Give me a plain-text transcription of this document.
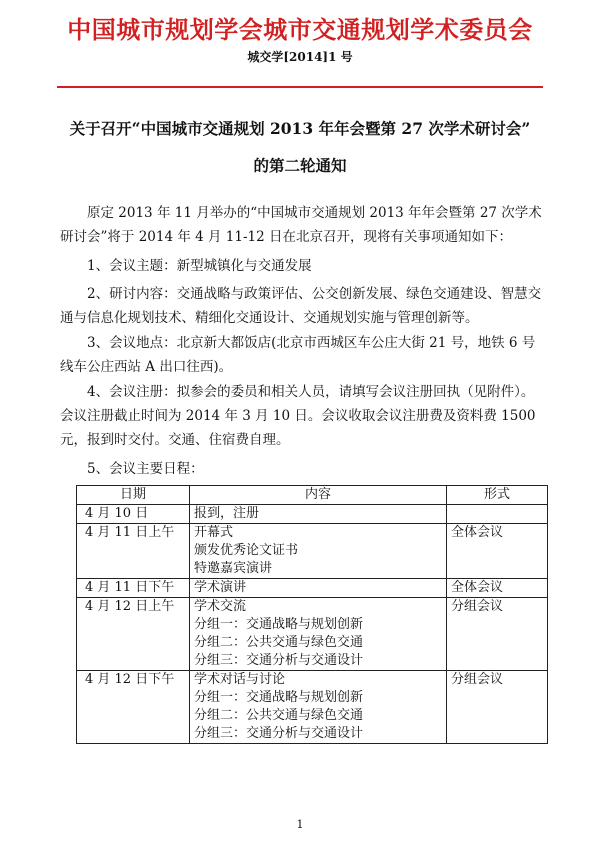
中国城市规划学会城市交通规划学术委员会
城交学[2014]1 号
关于召开“中国城市交通规划 2013 年年会暨第 27 次学术研讨会”
的第二轮通知

原定 2013 年 11 月举办的“中国城市交通规划 2013 年年会暨第 27 次学术研讨会”将于 2014 年 4 月 11-12 日在北京召开，现将有关事项通知如下：

1、会议主题：新型城镇化与交通发展

2、研讨内容：交通战略与政策评估、公交创新发展、绿色交通建设、智慧交通与信息化规划技术、精细化交通设计、交通规划实施与管理创新等。

3、会议地点：北京新大都饭店(北京市西城区车公庄大街 21 号，地铁 6 号线车公庄西站 A 出口往西)。

4、会议注册：拟参会的委员和相关人员，请填写会议注册回执（见附件）。会议注册截止时间为 2014 年 3 月 10 日。会议收取会议注册费及资料费 1500 元，报到时交付。交通、住宿费自理。

5、会议主要日程：

日期	内容	形式
4 月 10 日	报到，注册	

4 月 11 日上午	开幕式
颁发优秀论文证书
特邀嘉宾演讲	全体会议
4 月 11 日下午	学术演讲	全体会议
4 月 12 日上午	学术交流
分组一：交通战略与规划创新
分组二：公共交通与绿色交通
分组三：交通分析与交通设计	分组会议
4 月 12 日下午	学术对话与讨论
分组一：交通战略与规划创新
分组二：公共交通与绿色交通
分组三：交通分析与交通设计	分组会议
1
